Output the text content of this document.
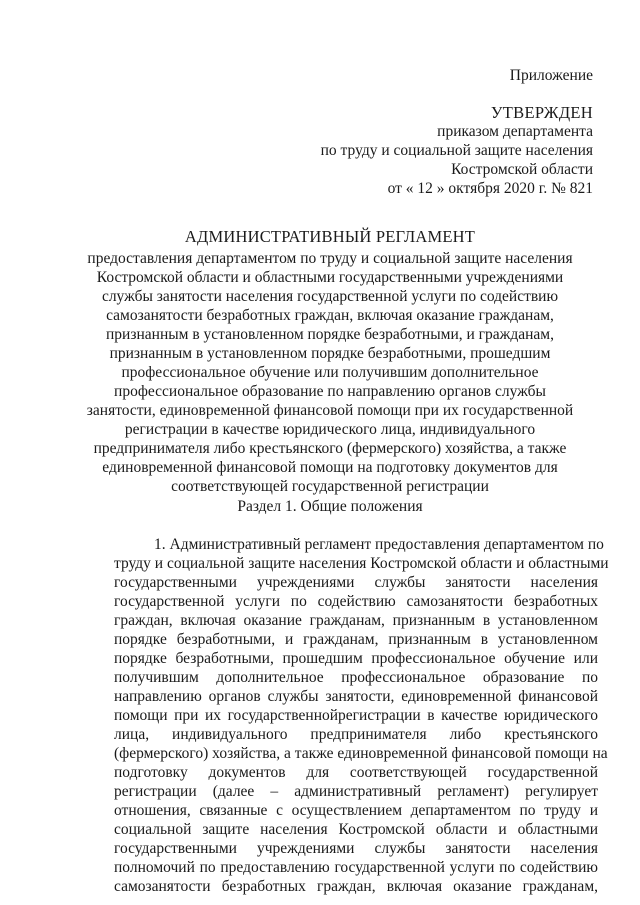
Приложение
УТВЕРЖДЕН
приказом департамента
по труду и социальной защите населения
Костромской области
от « 12 » октября 2020 г. № 821
АДМИНИСТРАТИВНЫЙ РЕГЛАМЕНТ
предоставления департаментом по труду и социальной защите населения
Костромской области и областными государственными учреждениями
службы занятости населения государственной услуги по содействию
самозанятости безработных граждан, включая оказание гражданам,
признанным в установленном порядке безработными, и гражданам,
признанным в установленном порядке безработными, прошедшим
профессиональное обучение или получившим дополнительное
профессиональное образование по направлению органов службы
занятости, единовременной финансовой помощи при их государственной
регистрации в качестве юридического лица, индивидуального
предпринимателя либо крестьянского (фермерского) хозяйства, а также
единовременной финансовой помощи на подготовку документов для
соответствующей государственной регистрации
Раздел 1. Общие положения
1. Административный регламент предоставления департаментом по
труду и социальной защите населения Костромской области и областными
государственными учреждениями службы занятости населения
государственной услуги по содействию самозанятости безработных
граждан, включая оказание гражданам, признанным в установленном
порядке безработными, и гражданам, признанным в установленном
порядке безработными, прошедшим профессиональное обучение или
получившим дополнительное профессиональное образование по
направлению органов службы занятости, единовременной финансовой
помощи при их государственнойрегистрации в качестве юридического
лица, индивидуального предпринимателя либо крестьянского
(фермерского) хозяйства, а также единовременной финансовой помощи на
подготовку документов для соответствующей государственной
регистрации (далее – административный регламент) регулирует
отношения, связанные с осуществлением департаментом по труду и
социальной защите населения Костромской области и областными
государственными учреждениями службы занятости населения
полномочий по предоставлению государственной услуги по содействию
самозанятости безработных граждан, включая оказание гражданам,
